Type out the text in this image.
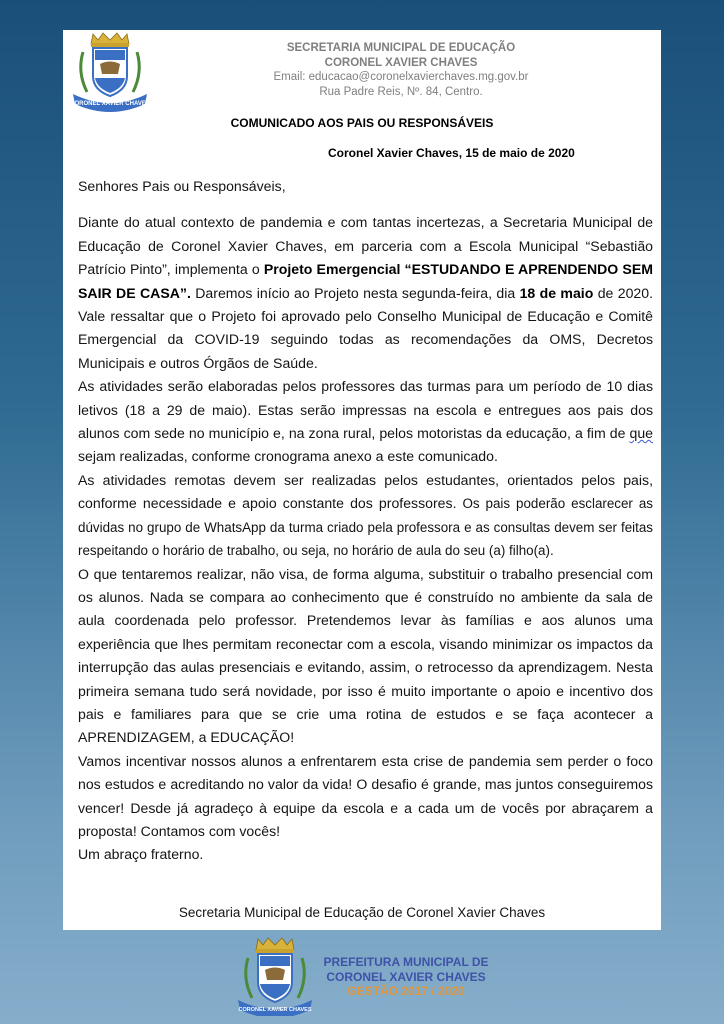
CORONEL XAVIER CHAVES
SECRETARIA MUNICIPAL DE EDUCAÇÃO
CORONEL XAVIER CHAVES
Email: educacao@coronelxavierchaves.mg.gov.br
Rua Padre Reis, Nº. 84, Centro.
COMUNICADO AOS PAIS OU RESPONSÁVEIS
Coronel Xavier Chaves, 15 de maio de 2020

Senhores Pais ou Responsáveis,

Diante do atual contexto de pandemia e com tantas incertezas, a Secretaria Municipal de Educação de Coronel Xavier Chaves, em parceria com a Escola Municipal “Sebastião Patrício Pinto”, implementa o Projeto Emergencial “ESTUDANDO E APRENDENDO SEM SAIR DE CASA”. Daremos início ao Projeto nesta segunda-feira, dia 18 de maio de 2020. Vale ressaltar que o Projeto foi aprovado pelo Conselho Municipal de Educação e Comitê Emergencial da COVID-19 seguindo todas as recomendações da OMS, Decretos Municipais e outros Órgãos de Saúde.

As atividades serão elaboradas pelos professores das turmas para um período de 10 dias letivos (18 a 29 de maio). Estas serão impressas na escola e entregues aos pais dos alunos com sede no município e, na zona rural, pelos motoristas da educação, a fim de que sejam realizadas, conforme cronograma anexo a este comunicado.

As atividades remotas devem ser realizadas pelos estudantes, orientados pelos pais, conforme necessidade e apoio constante dos professores. Os pais poderão esclarecer as dúvidas no grupo de WhatsApp da turma criado pela professora e as consultas devem ser feitas respeitando o horário de trabalho, ou seja, no horário de aula do seu (a) filho(a).

O que tentaremos realizar, não visa, de forma alguma, substituir o trabalho presencial com os alunos. Nada se compara ao conhecimento que é construído no ambiente da sala de aula coordenada pelo professor. Pretendemos levar às famílias e aos alunos uma experiência que lhes permitam reconectar com a escola, visando minimizar os impactos da interrupção das aulas presenciais e evitando, assim, o retrocesso da aprendizagem. Nesta primeira semana tudo será novidade, por isso é muito importante o apoio e incentivo dos pais e familiares para que se crie uma rotina de estudos e se faça acontecer a APRENDIZAGEM, a EDUCAÇÃO!

Vamos incentivar nossos alunos a enfrentarem esta crise de pandemia sem perder o foco nos estudos e acreditando no valor da vida! O desafio é grande, mas juntos conseguiremos vencer! Desde já agradeço à equipe da escola e a cada um de vocês por abraçarem a proposta! Contamos com vocês!

Um abraço fraterno.

Secretaria Municipal de Educação de Coronel Xavier Chaves
CORONEL XAVIER CHAVES
PREFEITURA MUNICIPAL DE
CORONEL XAVIER CHAVES
GESTÃO 2017 / 2020
